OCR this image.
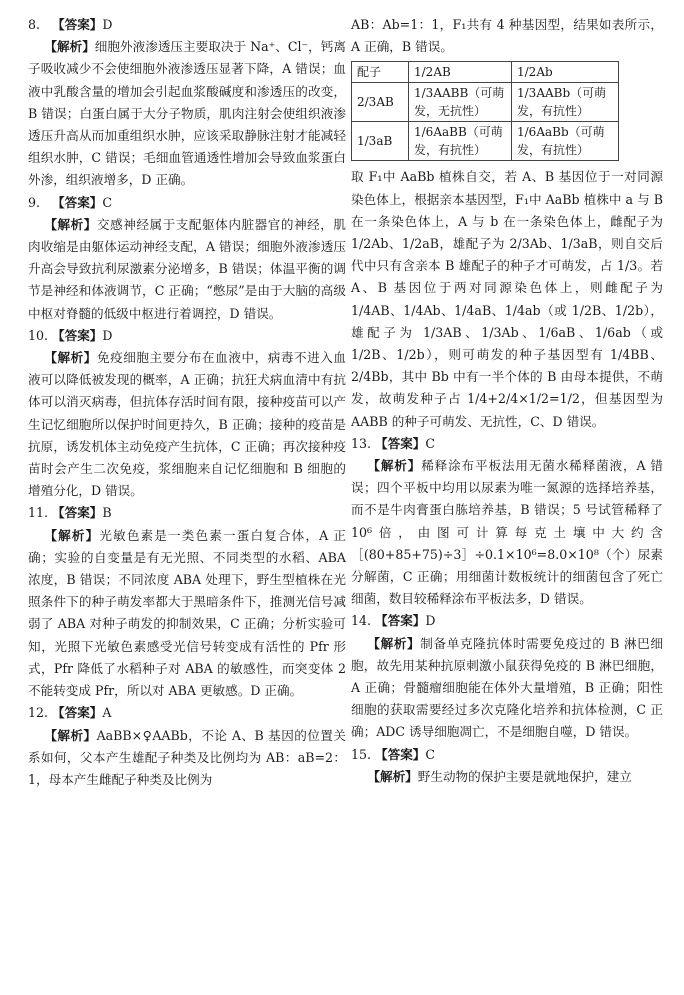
8. 【答案】 D
【解析】细胞外液渗透压主要取决于 Na⁺、Cl⁻，钙离子吸收减少不会使细胞外液渗透压显著下降，A 错误；血液中乳酸含量的增加会引起血浆酸碱度和渗透压的改变，B 错误；白蛋白属于大分子物质，肌肉注射会使组织液渗透压升高从而加重组织水肿，应该采取静脉注射才能减轻组织水肿，C 错误；毛细血管通透性增加会导致血浆蛋白外渗，组织液增多，D 正确。
9. 【答案】 C
【解析】交感神经属于支配躯体内脏器官的神经，肌肉收缩是由躯体运动神经支配，A 错误；细胞外液渗透压升高会导致抗利尿激素分泌增多，B 错误；体温平衡的调节是神经和体液调节，C 正确；“憋尿”是由于大脑的高级中枢对脊髓的低级中枢进行着调控，D 错误。
10. 【答案】 D
【解析】免疫细胞主要分布在血液中，病毒不进入血液可以降低被发现的概率，A 正确；抗狂犬病血清中有抗体可以消灭病毒，但抗体存活时间有限，接种疫苗可以产生记忆细胞所以保护时间更持久，B 正确；接种的疫苗是抗原，诱发机体主动免疫产生抗体，C 正确；再次接种疫苗时会产生二次免疫，浆细胞来自记忆细胞和 B 细胞的增殖分化，D 错误。
11. 【答案】 B
【解析】光敏色素是一类色素一蛋白复合体，A 正确；实验的自变量是有无光照、不同类型的水稻、ABA 浓度，B 错误；不同浓度 ABA 处理下，野生型植株在光照条件下的种子萌发率都大于黑暗条件下，推测光信号减弱了 ABA 对种子萌发的抑制效果，C 正确；分析实验可知，光照下光敏色素感受光信号转变成有活性的 Pfr 形式，Pfr 降低了水稻种子对 ABA 的敏感性，而突变体 2 不能转变成 Pfr，所以对 ABA 更敏感。D 正确。
12. 【答案】 A
【解析】AaBB×♀AABb，不论 A、B 基因的位置关系如何，父本产生雄配子种类及比例均为 AB：aB=2：1，母本产生雌配子种类及比例为
AB：Ab=1：1，F₁共有 4 种基因型，结果如表所示，A 正确，B 错误。
配子	1/2AB	1/2Ab
2/3AB	1/3AABB（可萌发，无抗性）	1/3AABb（可萌发，有抗性）
1/3aB	1/6AaBB（可萌发，有抗性）	1/6AaBb（可萌发，有抗性）
取 F₁中 AaBb 植株自交，若 A、B 基因位于一对同源染色体上，根据亲本基因型，F₁中 AaBb 植株中 a 与 B 在一条染色体上，A 与 b 在一条染色体上，雌配子为 1/2Ab、1/2aB，雄配子为 2/3Ab、1/3aB，则自交后代中只有含亲本 B 雄配子的种子才可萌发，占 1/3。若 A、B 基因位于两对同源染色体上，则雌配子为 1/4AB、1/4Ab、1/4aB、1/4ab（或 1/2B、1/2b），雄配子为 1/3AB、1/3Ab、1/6aB、1/6ab（或 1/2B、1/2b），则可萌发的种子基因型有 1/4BB、2/4Bb，其中 Bb 中有一半个体的 B 由母本提供，不萌发，故萌发种子占 1/4+2/4×1/2=1/2，但基因型为 AABB 的种子可萌发、无抗性，C、D 错误。
13. 【答案】 C
【解析】稀释涂布平板法用无菌水稀释菌液，A 错误；四个平板中均用以尿素为唯一氮源的选择培养基，而不是牛肉膏蛋白胨培养基，B 错误；5 号试管稀释了 10⁶倍，由图可计算每克土壤中大约含［(80+85+75)÷3］÷0.1×10⁶=8.0×10⁸（个）尿素分解菌，C 正确；用细菌计数板统计的细菌包含了死亡细菌，数目较稀释涂布平板法多，D 错误。
14. 【答案】 D
【解析】制备单克隆抗体时需要免疫过的 B 淋巴细胞，故先用某种抗原刺激小鼠获得免疫的 B 淋巴细胞，A 正确；骨髓瘤细胞能在体外大量增殖，B 正确；阳性细胞的获取需要经过多次克隆化培养和抗体检测，C 正确；ADC 诱导细胞凋亡，不是细胞自噬，D 错误。
15. 【答案】 C
【解析】野生动物的保护主要是就地保护，建立
